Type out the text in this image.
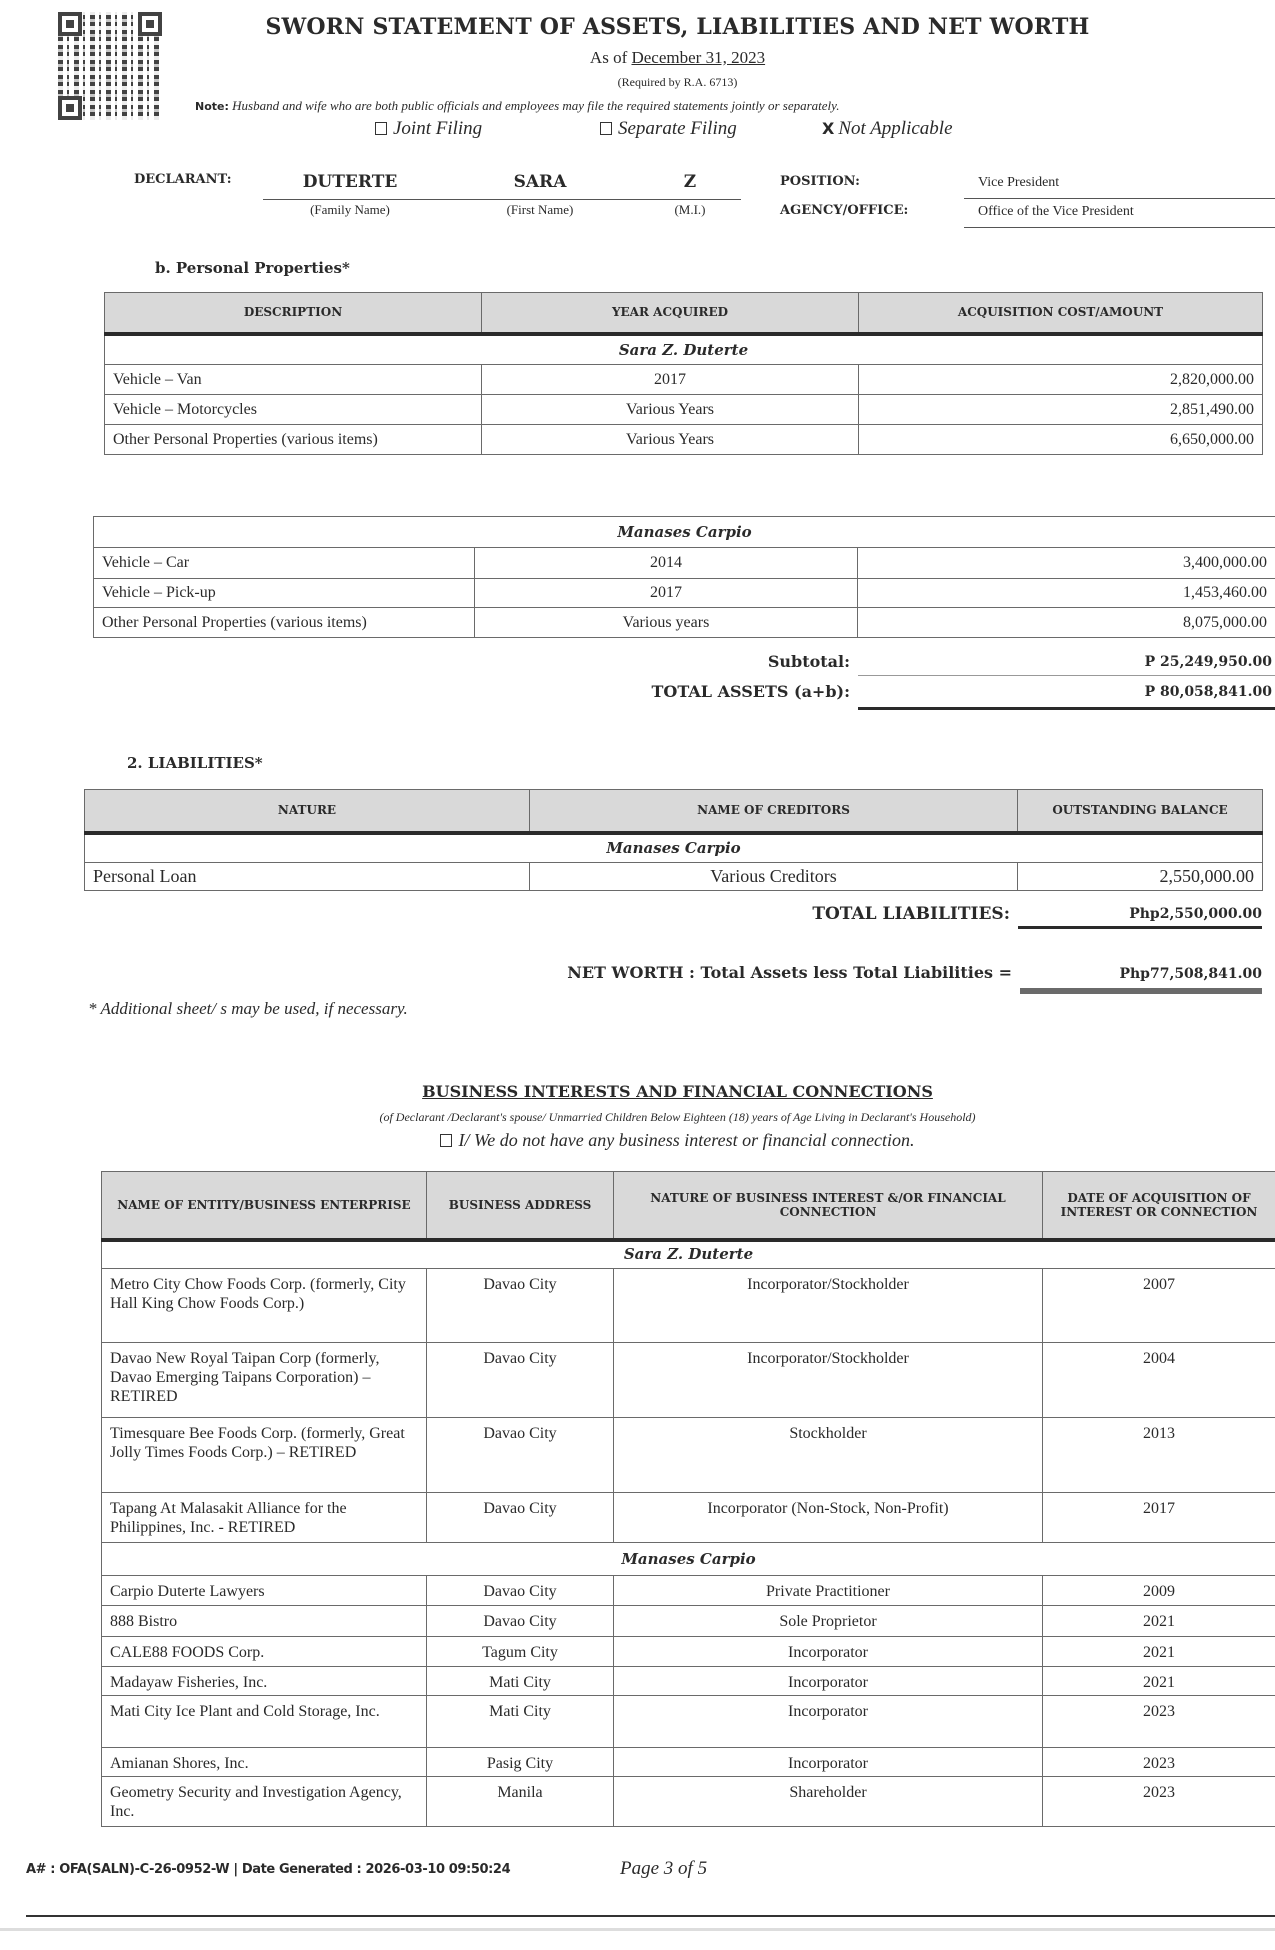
SWORN STATEMENT OF ASSETS, LIABILITIES AND NET WORTH
As of December 31, 2023
(Required by R.A. 6713)
Note: Husband and wife who are both public officials and employees may file the required statements jointly or separately.
Joint Filing	Separate Filing	X Not Applicable
DECLARANT:	DUTERTE	SARA	Z
(Family Name)	(First Name)	(M.I.)
POSITION:	Vice President
AGENCY/OFFICE:	Office of the Vice President
b. Personal Properties*
DESCRIPTION	YEAR ACQUIRED	ACQUISITION COST/AMOUNT
Sara Z. Duterte		
Vehicle – Van	2017	2,820,000.00
Vehicle – Motorcycles	Various Years	2,851,490.00
Other Personal Properties (various items)	Various Years	6,650,000.00
Manases Carpio		
Vehicle – Car	2014	3,400,000.00
Vehicle – Pick-up	2017	1,453,460.00
Other Personal Properties (various items)	Various years	8,075,000.00
Subtotal:	P 25,249,950.00
TOTAL ASSETS (a+b):	P 80,058,841.00
2. LIABILITIES*
NATURE	NAME OF CREDITORS	OUTSTANDING BALANCE
Manases Carpio		
Personal Loan	Various Creditors	2,550,000.00
TOTAL LIABILITIES:	Php2,550,000.00
NET WORTH : Total Assets less Total Liabilities =	Php77,508,841.00
* Additional sheet/ s may be used, if necessary.
BUSINESS INTERESTS AND FINANCIAL CONNECTIONS
(of Declarant /Declarant's spouse/ Unmarried Children Below Eighteen (18) years of Age Living in Declarant's Household)
I/ We do not have any business interest or financial connection.
NAME OF ENTITY/BUSINESS ENTERPRISE	BUSINESS ADDRESS	NATURE OF BUSINESS INTEREST &/OR FINANCIAL CONNECTION	DATE OF ACQUISITION OF INTEREST OR CONNECTION
Sara Z. Duterte			
Metro City Chow Foods Corp. (formerly, City Hall King Chow Foods Corp.)	Davao City	Incorporator/Stockholder	2007
Davao New Royal Taipan Corp (formerly, Davao Emerging Taipans Corporation) – RETIRED	Davao City	Incorporator/Stockholder	2004
Timesquare Bee Foods Corp. (formerly, Great Jolly Times Foods Corp.) – RETIRED	Davao City	Stockholder	2013
Tapang At Malasakit Alliance for the Philippines, Inc. - RETIRED	Davao City	Incorporator (Non-Stock, Non-Profit)	2017
Manases Carpio			
Carpio Duterte Lawyers	Davao City	Private Practitioner	2009
888 Bistro	Davao City	Sole Proprietor	2021
CALE88 FOODS Corp.	Tagum City	Incorporator	2021
Madayaw Fisheries, Inc.	Mati City	Incorporator	2021
Mati City Ice Plant and Cold Storage, Inc.	Mati City	Incorporator	2023
Amianan Shores, Inc.	Pasig City	Incorporator	2023
Geometry Security and Investigation Agency, Inc.	Manila	Shareholder	2023
A# : OFA(SALN)-C-26-0952-W | Date Generated : 2026-03-10 09:50:24	Page 3 of 5
